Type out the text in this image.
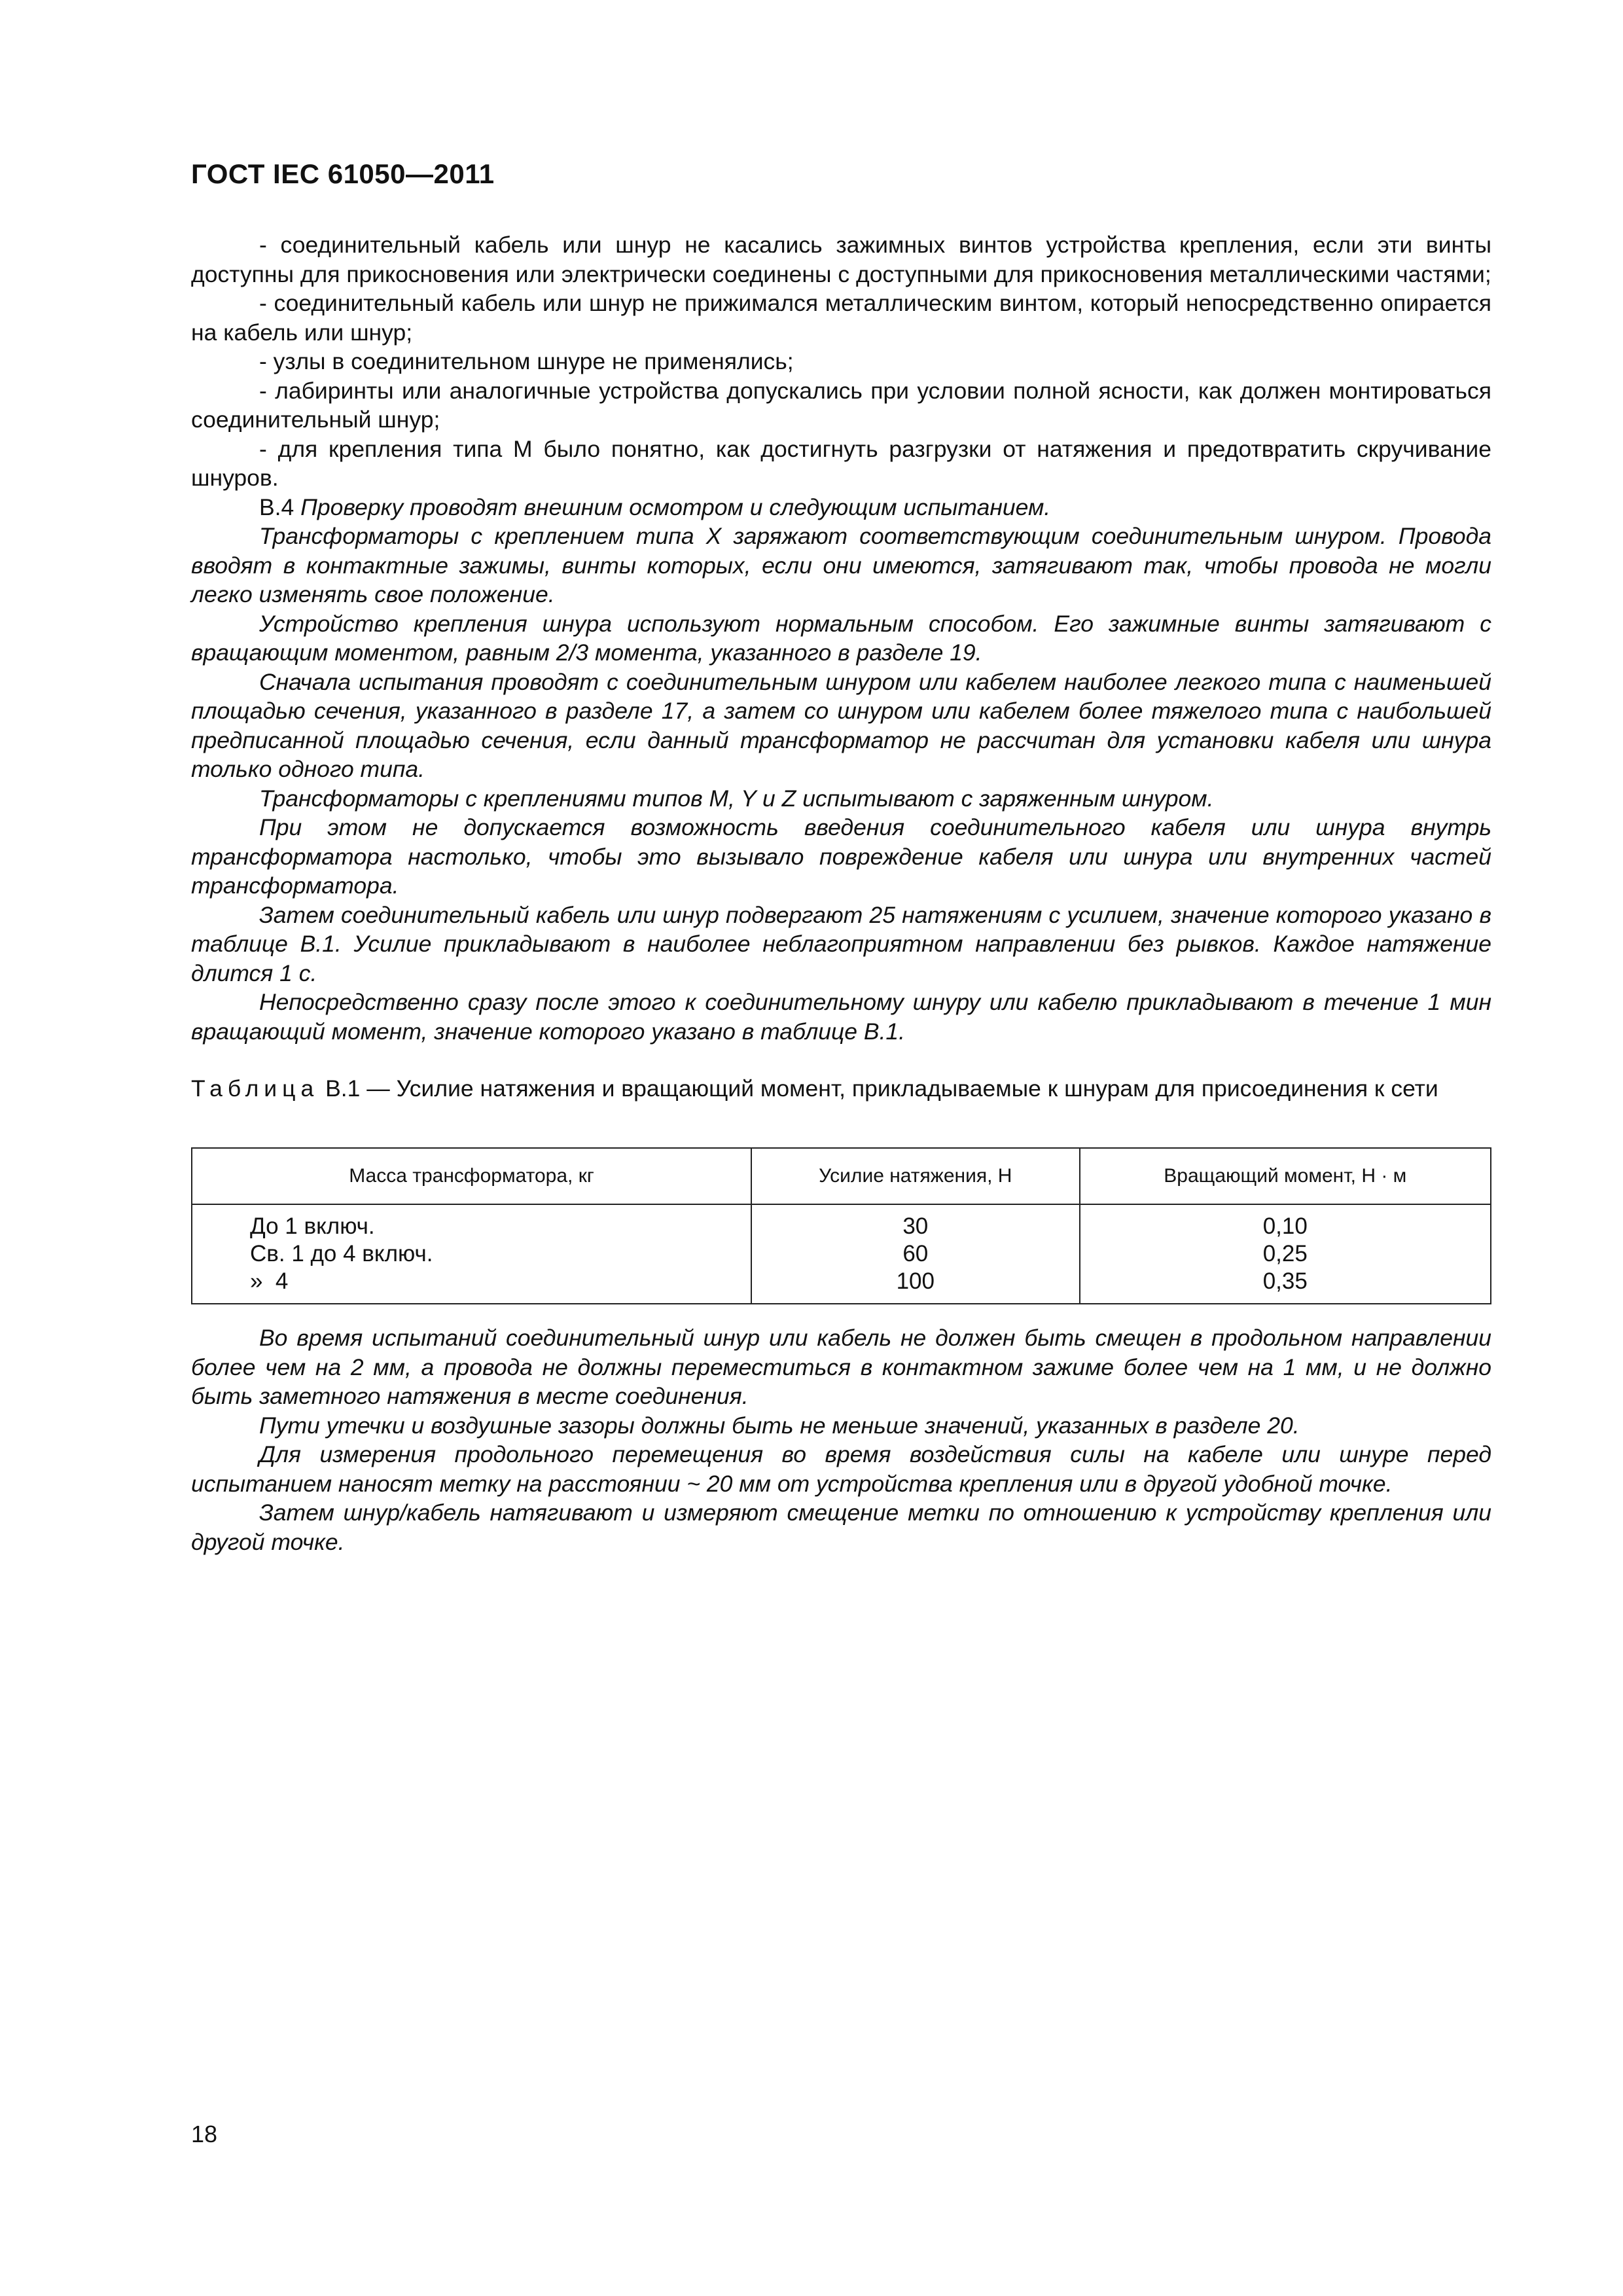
ГОСТ IEC 61050—2011

- соединительный кабель или шнур не касались зажимных винтов устройства крепления, если эти винты доступны для прикосновения или электрически соединены с доступными для прикосновения металлическими частями;

- соединительный кабель или шнур не прижимался металлическим винтом, который непосредственно опирается на кабель или шнур;

- узлы в соединительном шнуре не применялись;

- лабиринты или аналогичные устройства допускались при условии полной ясности, как должен монтироваться соединительный шнур;

- для крепления типа М было понятно, как достигнуть разгрузки от натяжения и предотвратить скручивание шнуров.

B.4 Проверку проводят внешним осмотром и следующим испытанием.

Трансформаторы с креплением типа X заряжают соответствующим соединительным шнуром. Провода вводят в контактные зажимы, винты которых, если они имеются, затягивают так, чтобы провода не могли легко изменять свое положение.

Устройство крепления шнура используют нормальным способом. Его зажимные винты затягивают с вращающим моментом, равным 2/3 момента, указанного в разделе 19.

Сначала испытания проводят с соединительным шнуром или кабелем наиболее легкого типа с наименьшей площадью сечения, указанного в разделе 17, а затем со шнуром или кабелем более тяжелого типа с наибольшей предписанной площадью сечения, если данный трансформатор не рассчитан для установки кабеля или шнура только одного типа.

Трансформаторы с креплениями типов M, Y и Z испытывают с заряженным шнуром.

При этом не допускается возможность введения соединительного кабеля или шнура внутрь трансформатора настолько, чтобы это вызывало повреждение кабеля или шнура или внутренних частей трансформатора.

Затем соединительный кабель или шнур подвергают 25 натяжениям с усилием, значение которого указано в таблице В.1. Усилие прикладывают в наиболее неблагоприятном направлении без рывков. Каждое натяжение длится 1 с.

Непосредственно сразу после этого к соединительному шнуру или кабелю прикладывают в течение 1 мин вращающий момент, значение которого указано в таблице В.1.

Таблица B.1 — Усилие натяжения и вращающий момент, прикладываемые к шнурам для присоединения к сети
Масса трансформатора, кг	Усилие натяжения, Н	Вращающий момент, Н · м

До 1 включ.	30	0,10

Св. 1 до 4 включ.	60	0,25

»  4	100	0,35

Во время испытаний соединительный шнур или кабель не должен быть смещен в продольном направлении более чем на 2 мм, а провода не должны переместиться в контактном зажиме более чем на 1 мм, и не должно быть заметного натяжения в месте соединения.

Пути утечки и воздушные зазоры должны быть не меньше значений, указанных в разделе 20.

Для измерения продольного перемещения во время воздействия силы на кабеле или шнуре перед испытанием наносят метку на расстоянии ~ 20 мм от устройства крепления или в другой удобной точке.

Затем шнур/кабель натягивают и измеряют смещение метки по отношению к устройству крепления или другой точке.

18
